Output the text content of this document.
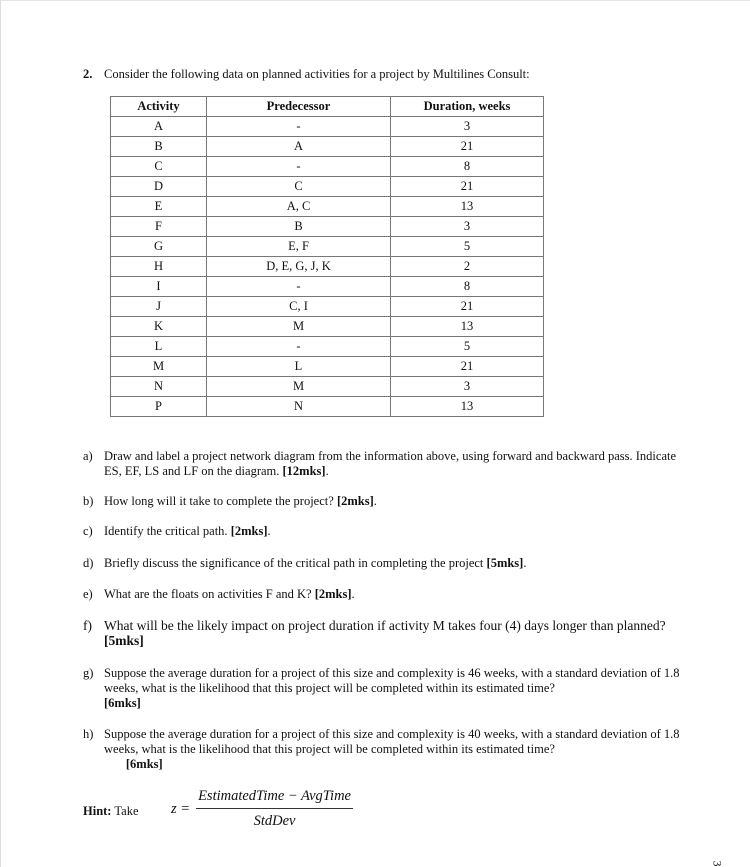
2. Consider the following data on planned activities for a project by Multilines Consult:
Activity	Predecessor	Duration, weeks
A	-	3
B	A	21
C	-	8
D	C	21
E	A, C	13
F	B	3
G	E, F	5
H	D, E, G, J, K	2
I	-	8
J	C, I	21
K	M	13
L	-	5
M	L	21
N	M	3
P	N	13
a) Draw and label a project network diagram from the information above, using forward and backward pass. Indicate ES, EF, LS and LF on the diagram. [12mks].
b) How long will it take to complete the project? [2mks].
c) Identify the critical path. [2mks].
d) Briefly discuss the significance of the critical path in completing the project [5mks].
e) What are the floats on activities F and K? [2mks].
f) What will be the likely impact on project duration if activity M takes four (4) days longer than planned? [5mks]
g) Suppose the average duration for a project of this size and complexity is 46 weeks, with a standard deviation of 1.8 weeks, what is the likelihood that this project will be completed within its estimated time?
[6mks]
h) Suppose the average duration for a project of this size and complexity is 40 weeks, with a standard deviation of 1.8 weeks, what is the likelihood that this project will be completed within its estimated time?
[6mks]
Hint: Take $z = \frac{\text{EstimatedTime − AvgTime}}{\text{StdDev}}$
3
